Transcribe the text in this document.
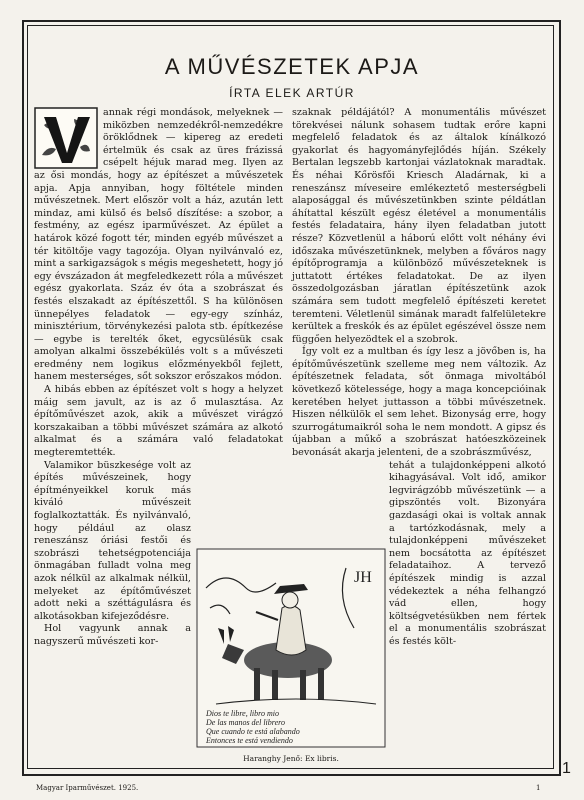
A MŰVÉSZETEK APJA
ÍRTA ELEK ARTÚR

annak régi mondások, melyeknek — miközben nemzedékről-nemzedékre öröklődnek — kipereg az eredeti értelmük és csak az üres frázissá csépelt héjuk marad meg. Ilyen az az ősi mondás, hogy az építészet a művészetek apja. Apja annyiban, hogy föltétele minden művészetnek. Mert először volt a ház, azután lett mindaz, ami külső és belső díszítése: a szobor, a festmény, az egész iparművészet. Az épület a határok közé fogott tér, minden egyéb művészet a tér kitöltője vagy tagozója. Olyan nyilvánvaló ez, mint a sarkigazságok s mégis megeshetett, hogy jó egy évszázadon át megfeledkezett róla a művészet egész gyakorlata. Száz év óta a szobrászat és festés elszakadt az építészettől. S ha különösen ünnepélyes feladatok — egy-egy színház, minisztérium, törvénykezési palota stb. építkezése — egybe is terelték őket, egycsülésük csak amolyan alkalmi összebékülés volt s a művészeti eredmény nem logikus előzményekből fejlett, hanem mesterséges, sőt sokszor erőszakos módon.

A hibás ebben az építészet volt s hogy a helyzet máig sem javult, az is az ő mulasztása. Az építőművészet azok, akik a művészet virágzó korszakaiban a többi művészet számára az alkotó alkalmat és a számára való feladatokat megteremtették.

Valamikor büszkesége volt az építés művészeinek, hogy építményeikkel koruk más kiváló művészeit foglalkoztatták. És nyilvánvaló, hogy például az olasz reneszánsz óriási festői és szobrászi tehetségpotenciája önmagában fulladt volna meg azok nélkül az alkalmak nélkül, melyeket az építőművészet adott neki a széttágulásra és alkotásokban kifejeződésre.

Hol vagyunk annak a nagyszerű művészeti kor-

szaknak példájától? A monumentális művészet törekvései nálunk sohasem tudtak erőre kapni megfelelő feladatok és az általok kínálkozó gyakorlat és hagyományfejlődés híján. Székely Bertalan legszebb kartonjai vázlatoknak maradtak. És néhai Kőrösfői Kriesch Aladárnak, ki a reneszánsz míveseire emlékeztető mesterségbeli alaposággal és művészetünkben szinte példátlan áhítattal készült egész életével a monumentális festés feladataira, hány ilyen feladatban jutott része? Közvetlenül a háború előtt volt néhány évi időszaka művészetünknek, melyben a főváros nagy építőprogramja a különböző művészeteknek is juttatott értékes feladatokat. De az ilyen összedolgozásban járatlan építészetünk azok számára sem tudott megfelelő építészeti keretet teremteni. Véletlenül simának maradt falfelületekre kerültek a freskók és az épület egészével össze nem függően helyezödtek el a szobrok.

Így volt ez a multban és így lesz a jövőben is, ha építőművészetünk szelleme meg nem változik. Az építészetnek feladata, sőt önmaga mivoltából következő kötelessége, hogy a maga koncepcióinak keretében helyet juttasson a többi művészetnek. Hiszen nélkülök el sem lehet. Bizonyság erre, hogy szurrogátumaikról soha le nem mondott. A gipsz és újabban a műkő a szobrászat hatóeszközeinek bevonását akarja jelenteni, de a szobrászművész,

tehát a tulajdonképpeni alkotó kihagyásával. Volt idő, amikor legvirágzóbb művészetünk — a gipszöntés volt. Bizonyára gazdasági okai is voltak annak a tartózkodásnak, mely a tulajdonképpeni művészeket nem bocsátotta az építészet feladataihoz. A tervező építészek mindig is azzal védekeztek a néha felhangzó vád ellen, hogy költségvetésükben nem fértek el a monumentális szobrászat és festés költ-

JH
Dios te libre, libro mio
De las manos del librero
Que cuando te está alabando
Entonces te está vendiendo
Haranghy Jenő: Ex libris.
Magyar Iparművészet. 1925.	1
1
